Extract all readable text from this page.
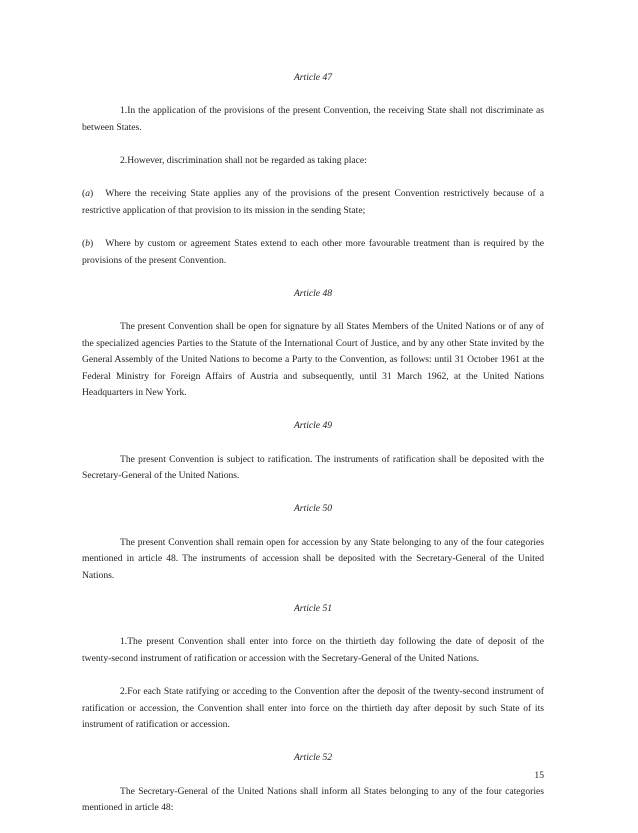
Article 47

1.In the application of the provisions of the present Convention, the receiving State shall not discriminate as between States.

2.However, discrimination shall not be regarded as taking place:

(a) Where the receiving State applies any of the provisions of the present Convention restrictively because of a restrictive application of that provision to its mission in the sending State;

(b) Where by custom or agreement States extend to each other more favourable treatment than is required by the provisions of the present Convention.

Article 48

The present Convention shall be open for signature by all States Members of the United Nations or of any of the specialized agencies Parties to the Statute of the International Court of Justice, and by any other State invited by the General Assembly of the United Nations to become a Party to the Convention, as follows: until 31 October 1961 at the Federal Ministry for Foreign Affairs of Austria and subsequently, until 31 March 1962, at the United Nations Headquarters in New York.

Article 49

The present Convention is subject to ratification. The instruments of ratification shall be deposited with the Secretary-General of the United Nations.

Article 50

The present Convention shall remain open for accession by any State belonging to any of the four categories mentioned in article 48. The instruments of accession shall be deposited with the Secretary-General of the United Nations.

Article 51

1.The present Convention shall enter into force on the thirtieth day following the date of deposit of the twenty-second instrument of ratification or accession with the Secretary-General of the United Nations.

2.For each State ratifying or acceding to the Convention after the deposit of the twenty-second instrument of ratification or accession, the Convention shall enter into force on the thirtieth day after deposit by such State of its instrument of ratification or accession.

Article 52

The Secretary-General of the United Nations shall inform all States belonging to any of the four categories mentioned in article 48:

15
